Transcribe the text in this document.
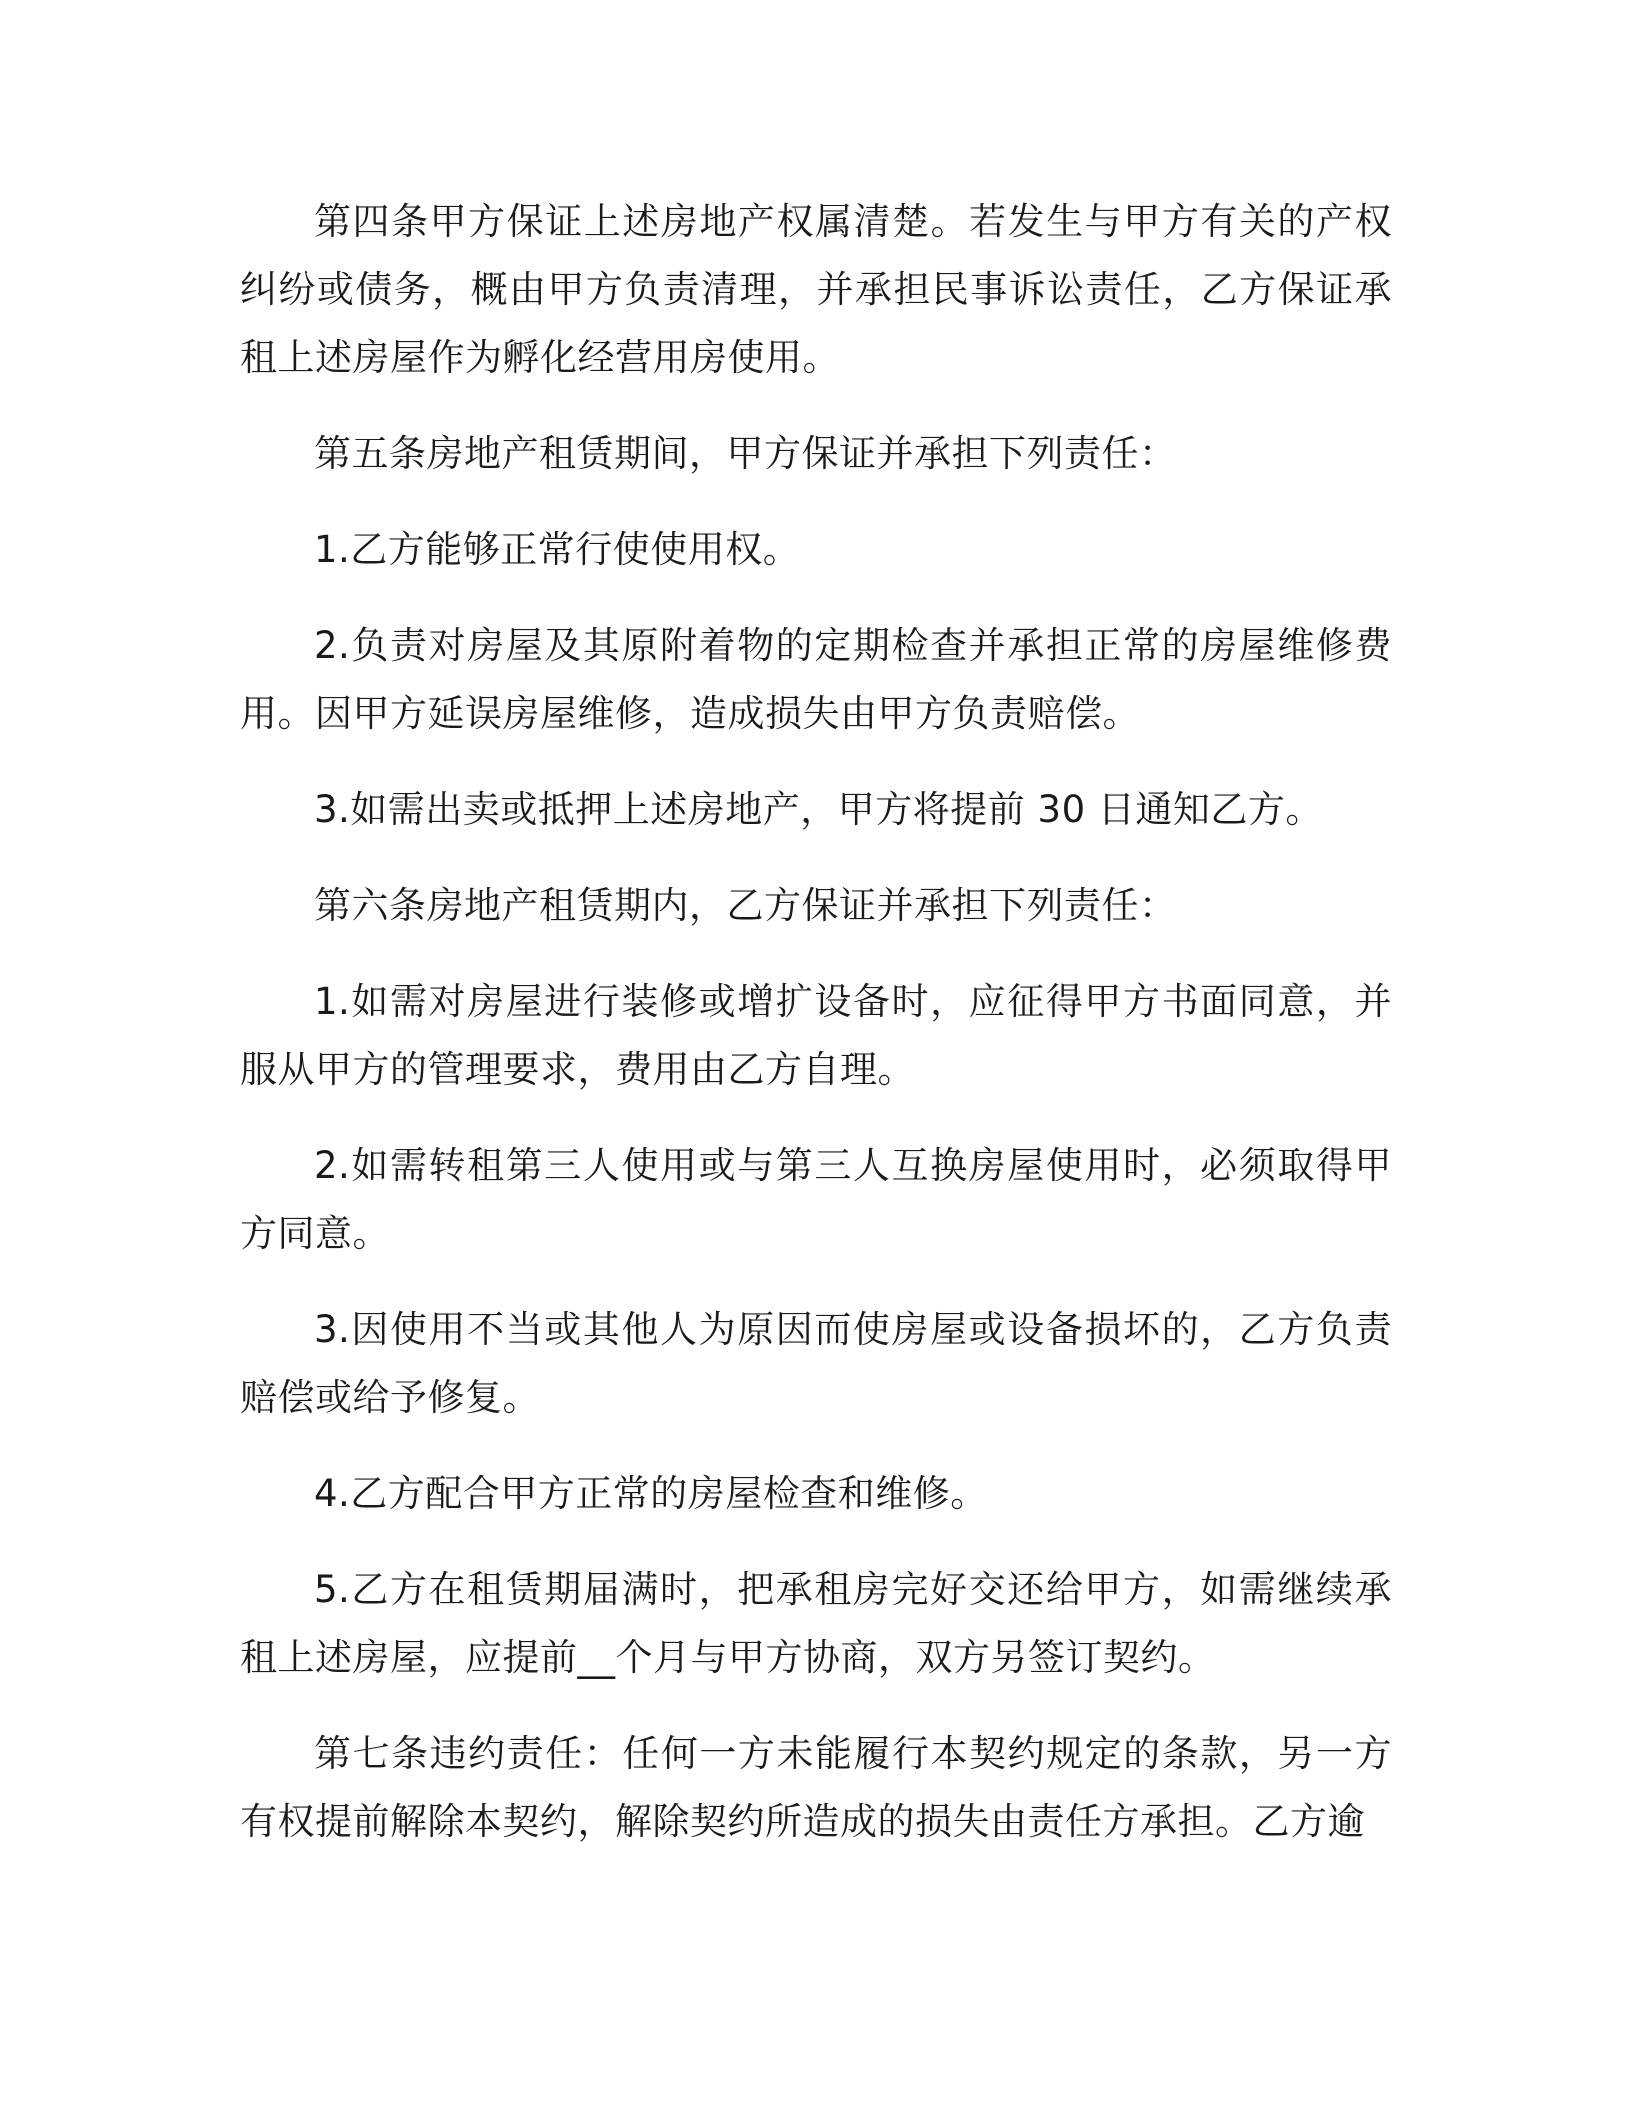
第四条甲方保证上述房地产权属清楚。若发生与甲方有关的产权纠纷或债务，概由甲方负责清理，并承担民事诉讼责任，乙方保证承租上述房屋作为孵化经营用房使用。

第五条房地产租赁期间，甲方保证并承担下列责任：

1.乙方能够正常行使使用权。

2.负责对房屋及其原附着物的定期检查并承担正常的房屋维修费用。因甲方延误房屋维修，造成损失由甲方负责赔偿。

3.如需出卖或抵押上述房地产，甲方将提前 30 日通知乙方。

第六条房地产租赁期内，乙方保证并承担下列责任：

1.如需对房屋进行装修或增扩设备时，应征得甲方书面同意，并服从甲方的管理要求，费用由乙方自理。

2.如需转租第三人使用或与第三人互换房屋使用时，必须取得甲方同意。

3.因使用不当或其他人为原因而使房屋或设备损坏的，乙方负责赔偿或给予修复。

4.乙方配合甲方正常的房屋检查和维修。

5.乙方在租赁期届满时，把承租房完好交还给甲方，如需继续承租上述房屋，应提前__个月与甲方协商，双方另签订契约。

第七条违约责任：任何一方未能履行本契约规定的条款，另一方有权提前解除本契约，解除契约所造成的损失由责任方承担。乙方逾
